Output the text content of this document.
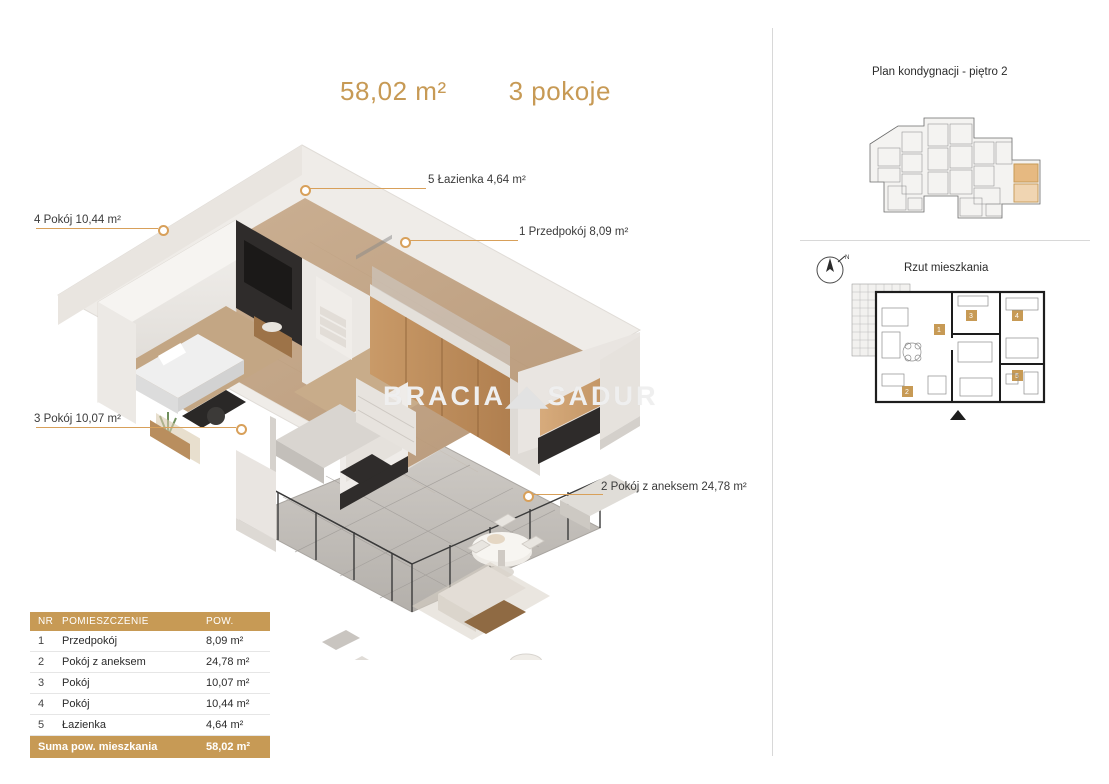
58,02 m² 3 pokoje
BRACIA◢◣SADUR
5 Łazienka 4,64 m²
1 Przedpokój 8,09 m²
4 Pokój 10,44 m²
3 Pokój 10,07 m²
2 Pokój z aneksem 24,78 m²
NR POMIESZCZENIE	POW.
1	Przedpokój	8,09 m²
2	Pokój z aneksem	24,78 m²
3	Pokój	10,07 m²
4	Pokój	10,44 m²
5	Łazienka	4,64 m²
Suma pow. mieszkania	58,02 m²
Plan kondygnacji - piętro 2
Rzut mieszkania
N
1
2
3	4
5
